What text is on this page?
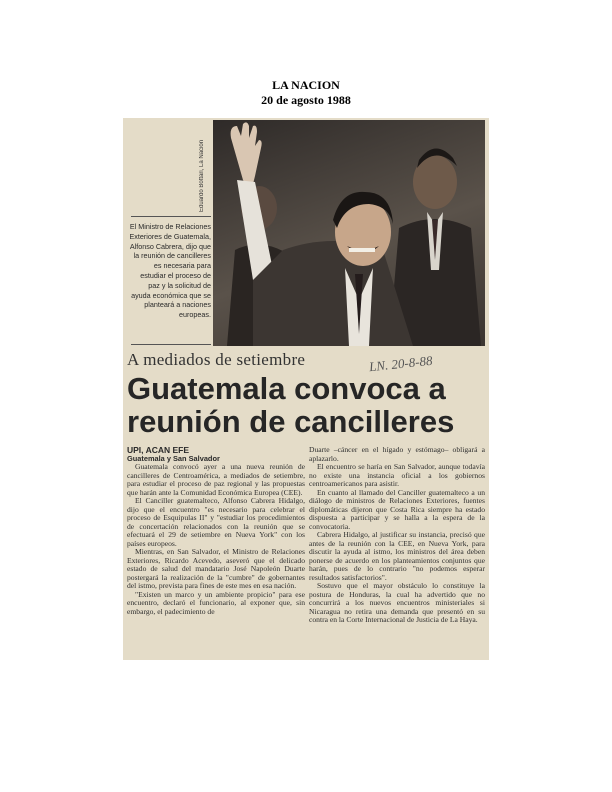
LA NACION
20 de agosto 1988
Eduardo Bottari, La Nación
El Ministro de Relaciones Exteriores de Guatemala, Alfonso Cabrera, dijo que la reunión de cancilleres es necesaria para estudiar el proceso de paz y la solicitud de ayuda económica que se planteará a naciones europeas.
A mediados de setiembre	LN. 20-8-88
Guatemala convoca a reunión de cancilleres

UPI, ACAN EFE

Guatemala y San Salvador

Guatemala convocó ayer a una nueva reunión de cancilleres de Centroamérica, a mediados de setiembre, para estudiar el proceso de paz regional y las propuestas que harán ante la Comunidad Económica Europea (CEE).

El Canciller guatemalteco, Alfonso Cabrera Hidalgo, dijo que el encuentro "es necesario para celebrar el proceso de Esquipulas II" y "estudiar los procedimientos de concertación relacionados con la reunión que se efectuará el 29 de setiembre en Nueva York" con los países europeos.

Mientras, en San Salvador, el Ministro de Relaciones Exteriores, Ricardo Acevedo, aseveró que el delicado estado de salud del mandatario José Napoleón Duarte postergará la realización de la "cumbre" de gobernantes del istmo, prevista para fines de este mes en esa nación.

"Existen un marco y un ambiente propicio" para ese encuentro, declaró el funcionario, al exponer que, sin embargo, el padecimiento de

Duarte –cáncer en el hígado y estómago– obligará a aplazarlo.

El encuentro se haría en San Salvador, aunque todavía no existe una instancia oficial a los gobiernos centroamericanos para asistir.

En cuanto al llamado del Canciller guatemalteco a un diálogo de ministros de Relaciones Exteriores, fuentes diplomáticas dijeron que Costa Rica siempre ha estado dispuesta a participar y se halla a la espera de la convocatoria.

Cabrera Hidalgo, al justificar su instancia, precisó que antes de la reunión con la CEE, en Nueva York, para discutir la ayuda al istmo, los ministros del área deben ponerse de acuerdo en los planteamientos conjuntos que harán, pues de lo contrario "no podemos esperar resultados satisfactorios".

Sostuvo que el mayor obstáculo lo constituye la postura de Honduras, la cual ha advertido que no concurrirá a los nuevos encuentros ministeriales si Nicaragua no retira una demanda que presentó en su contra en la Corte Internacional de Justicia de La Haya.
